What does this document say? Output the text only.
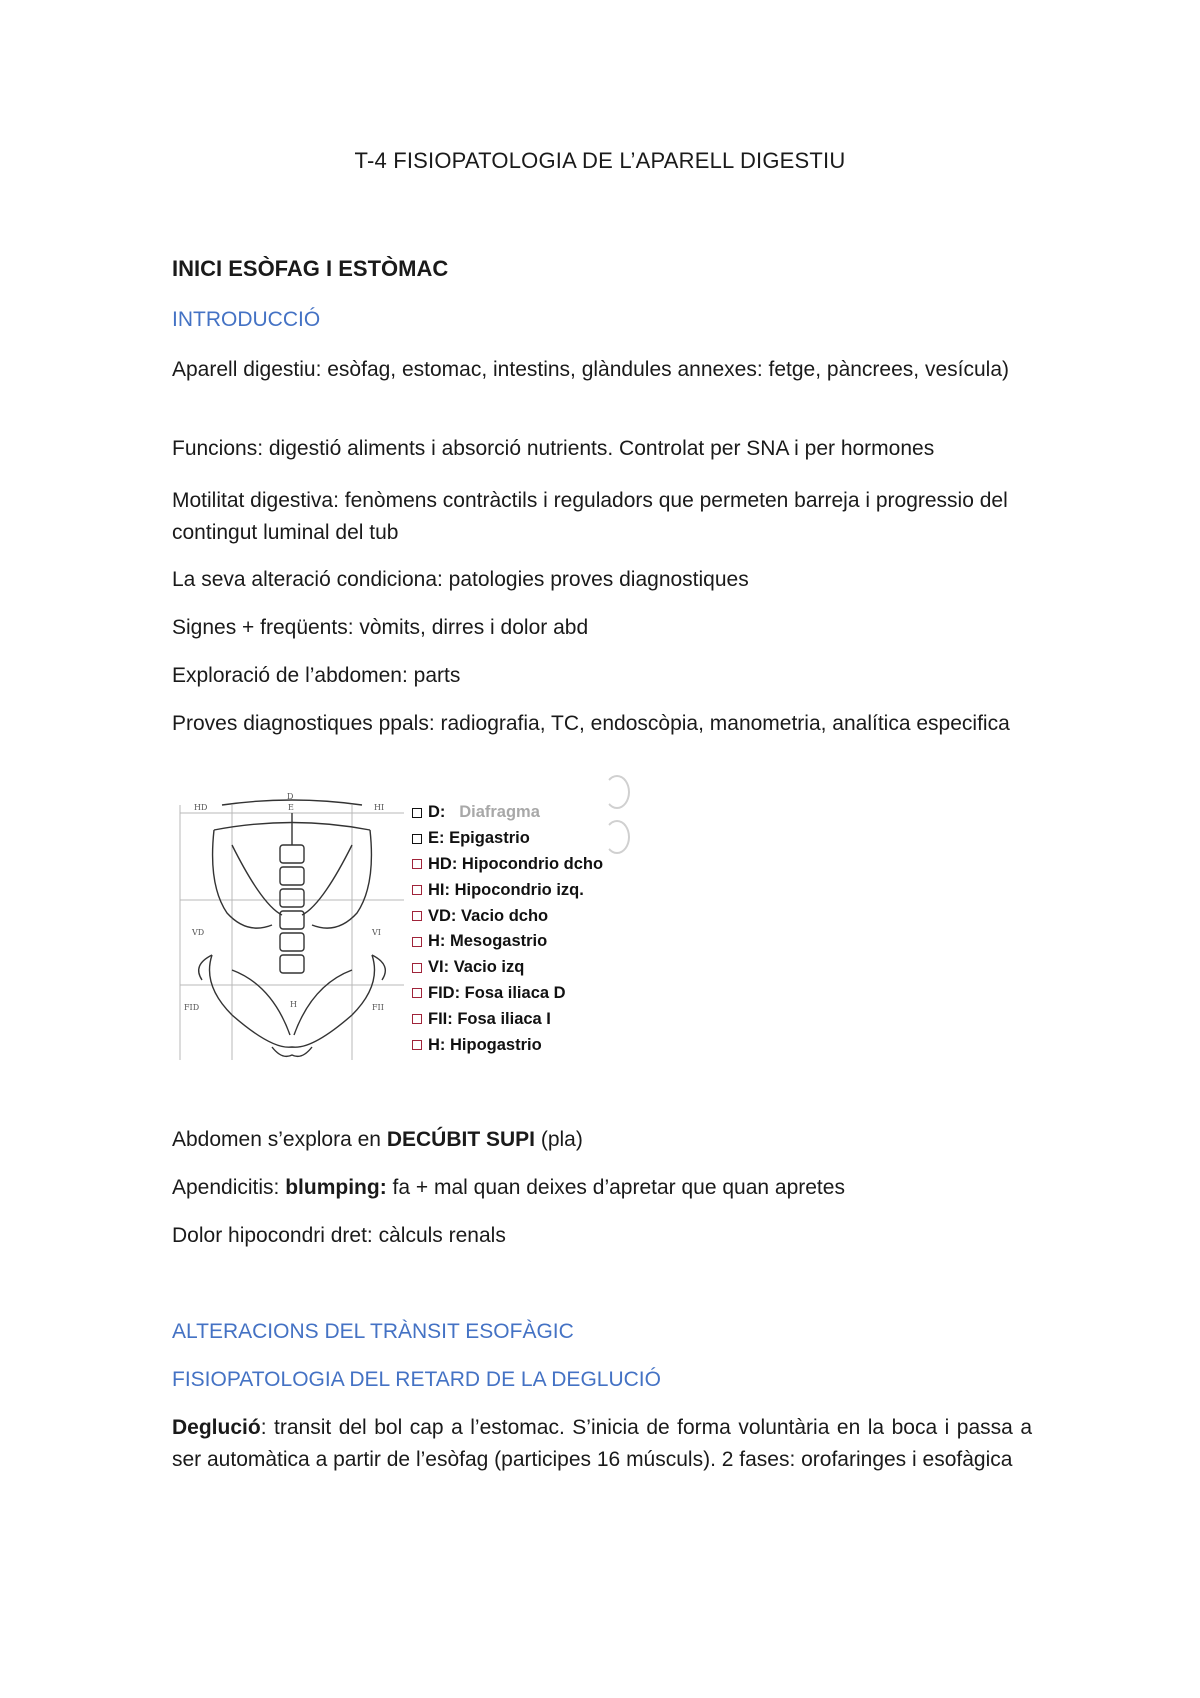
T-4 FISIOPATOLOGIA DE L’APARELL DIGESTIU
INICI ESÒFAG I ESTÒMAC
INTRODUCCIÓ
Aparell digestiu: esòfag, estomac, intestins, glàndules annexes: fetge, pàncrees, vesícula)
Funcions: digestió aliments i absorció nutrients. Controlat per SNA i per hormones
Motilitat digestiva: fenòmens contràctils i reguladors que permeten barreja i progressio del contingut luminal del tub
La seva alteració condiciona: patologies proves diagnostiques
Signes + freqüents: vòmits, dirres i dolor abd
Exploració de l’abdomen: parts
Proves diagnostiques ppals: radiografia, TC, endoscòpia, manometria, analítica especifica
D
HD	E	HI
VD	VI
FID	H	FII
D:
Diafragma
E:
Epigastrio
HD:
Hipocondrio dcho
HI:
Hipocondrio izq.
VD:
Vacio dcho
H:
Mesogastrio
VI:
Vacio izq
FID:
Fosa iliaca D
FII:
Fosa iliaca I
H:
Hipogastrio
Abdomen s’explora en DECÚBIT SUPI (pla)
Apendicitis: blumping: fa + mal quan deixes d’apretar que quan apretes
Dolor hipocondri dret: càlculs renals
ALTERACIONS DEL TRÀNSIT ESOFÀGIC
FISIOPATOLOGIA DEL RETARD DE LA DEGLUCIÓ
Deglució: transit del bol cap a l’estomac. S’inicia de forma voluntària en la boca i passa a ser automàtica a partir de l’esòfag (participes 16 músculs). 2 fases: orofaringes i esofàgica
